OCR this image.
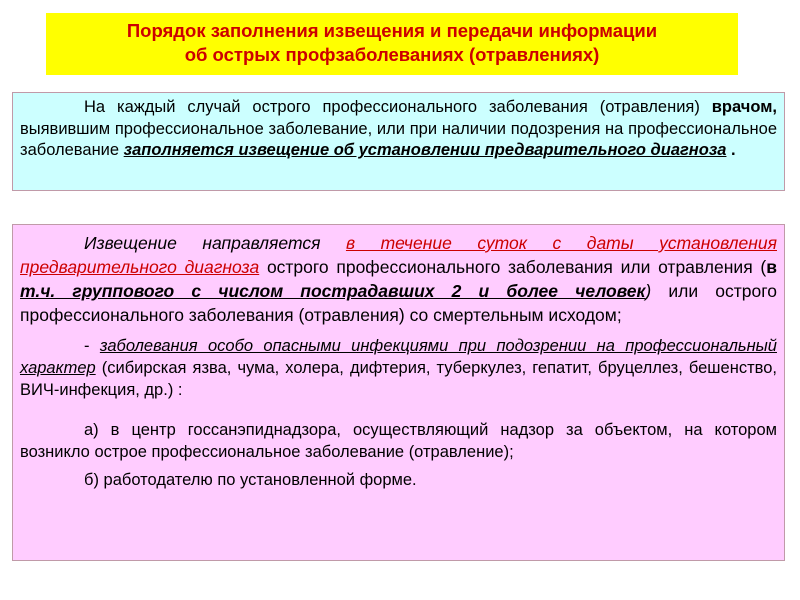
Порядок заполнения извещения и передачи информации
об острых профзаболеваниях (отравлениях)

На каждый случай острого профессионального заболевания (отравления) врачом, выявившим профессиональное заболевание, или при наличии подозрения на профессиональное заболевание заполняется извещение об установлении предварительного диагноза .

Извещение направляется в течение суток с даты установления предварительного диагноза острого профессионального заболевания или отравления (в т.ч. группового с числом пострадавших 2 и более человек) или острого профессионального заболевания (отравления) со смертельным исходом;

- заболевания особо опасными инфекциями при подозрении на профессиональный характер (сибирская язва, чума, холера, дифтерия, туберкулез, гепатит, бруцеллез, бешенство, ВИЧ-инфекция, др.) :

а) в центр госсанэпиднадзора, осуществляющий надзор за объектом, на котором возникло острое профессиональное заболевание (отравление);

б) работодателю по установленной форме.
